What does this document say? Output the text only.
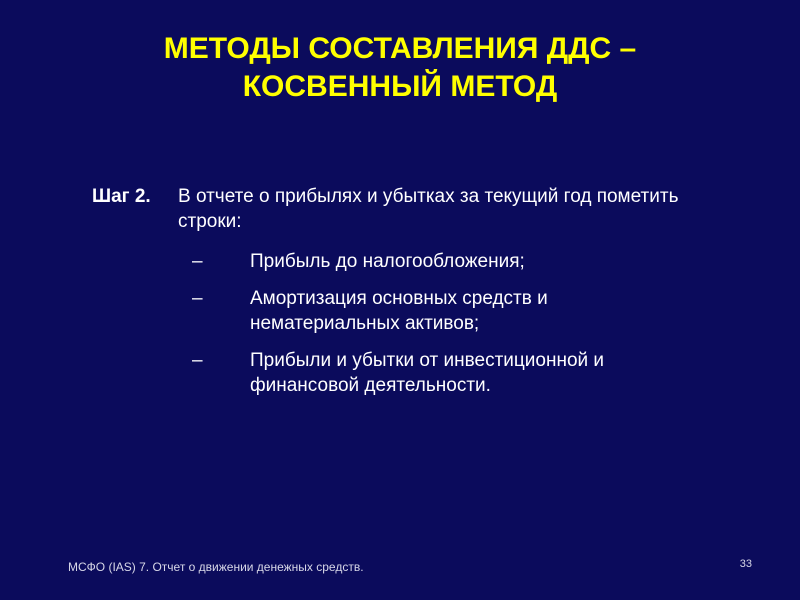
МЕТОДЫ СОСТАВЛЕНИЯ ДДС –
КОСВЕННЫЙ МЕТОД
Шаг 2.	В отчете о прибылях и убытках за текущий год пометить строки:
–	Прибыль до налогообложения;
–	Амортизация основных средств и нематериальных активов;
–	Прибыли и убытки от инвестиционной и финансовой деятельности.
МСФО (IAS) 7. Отчет о движении денежных средств.	33
